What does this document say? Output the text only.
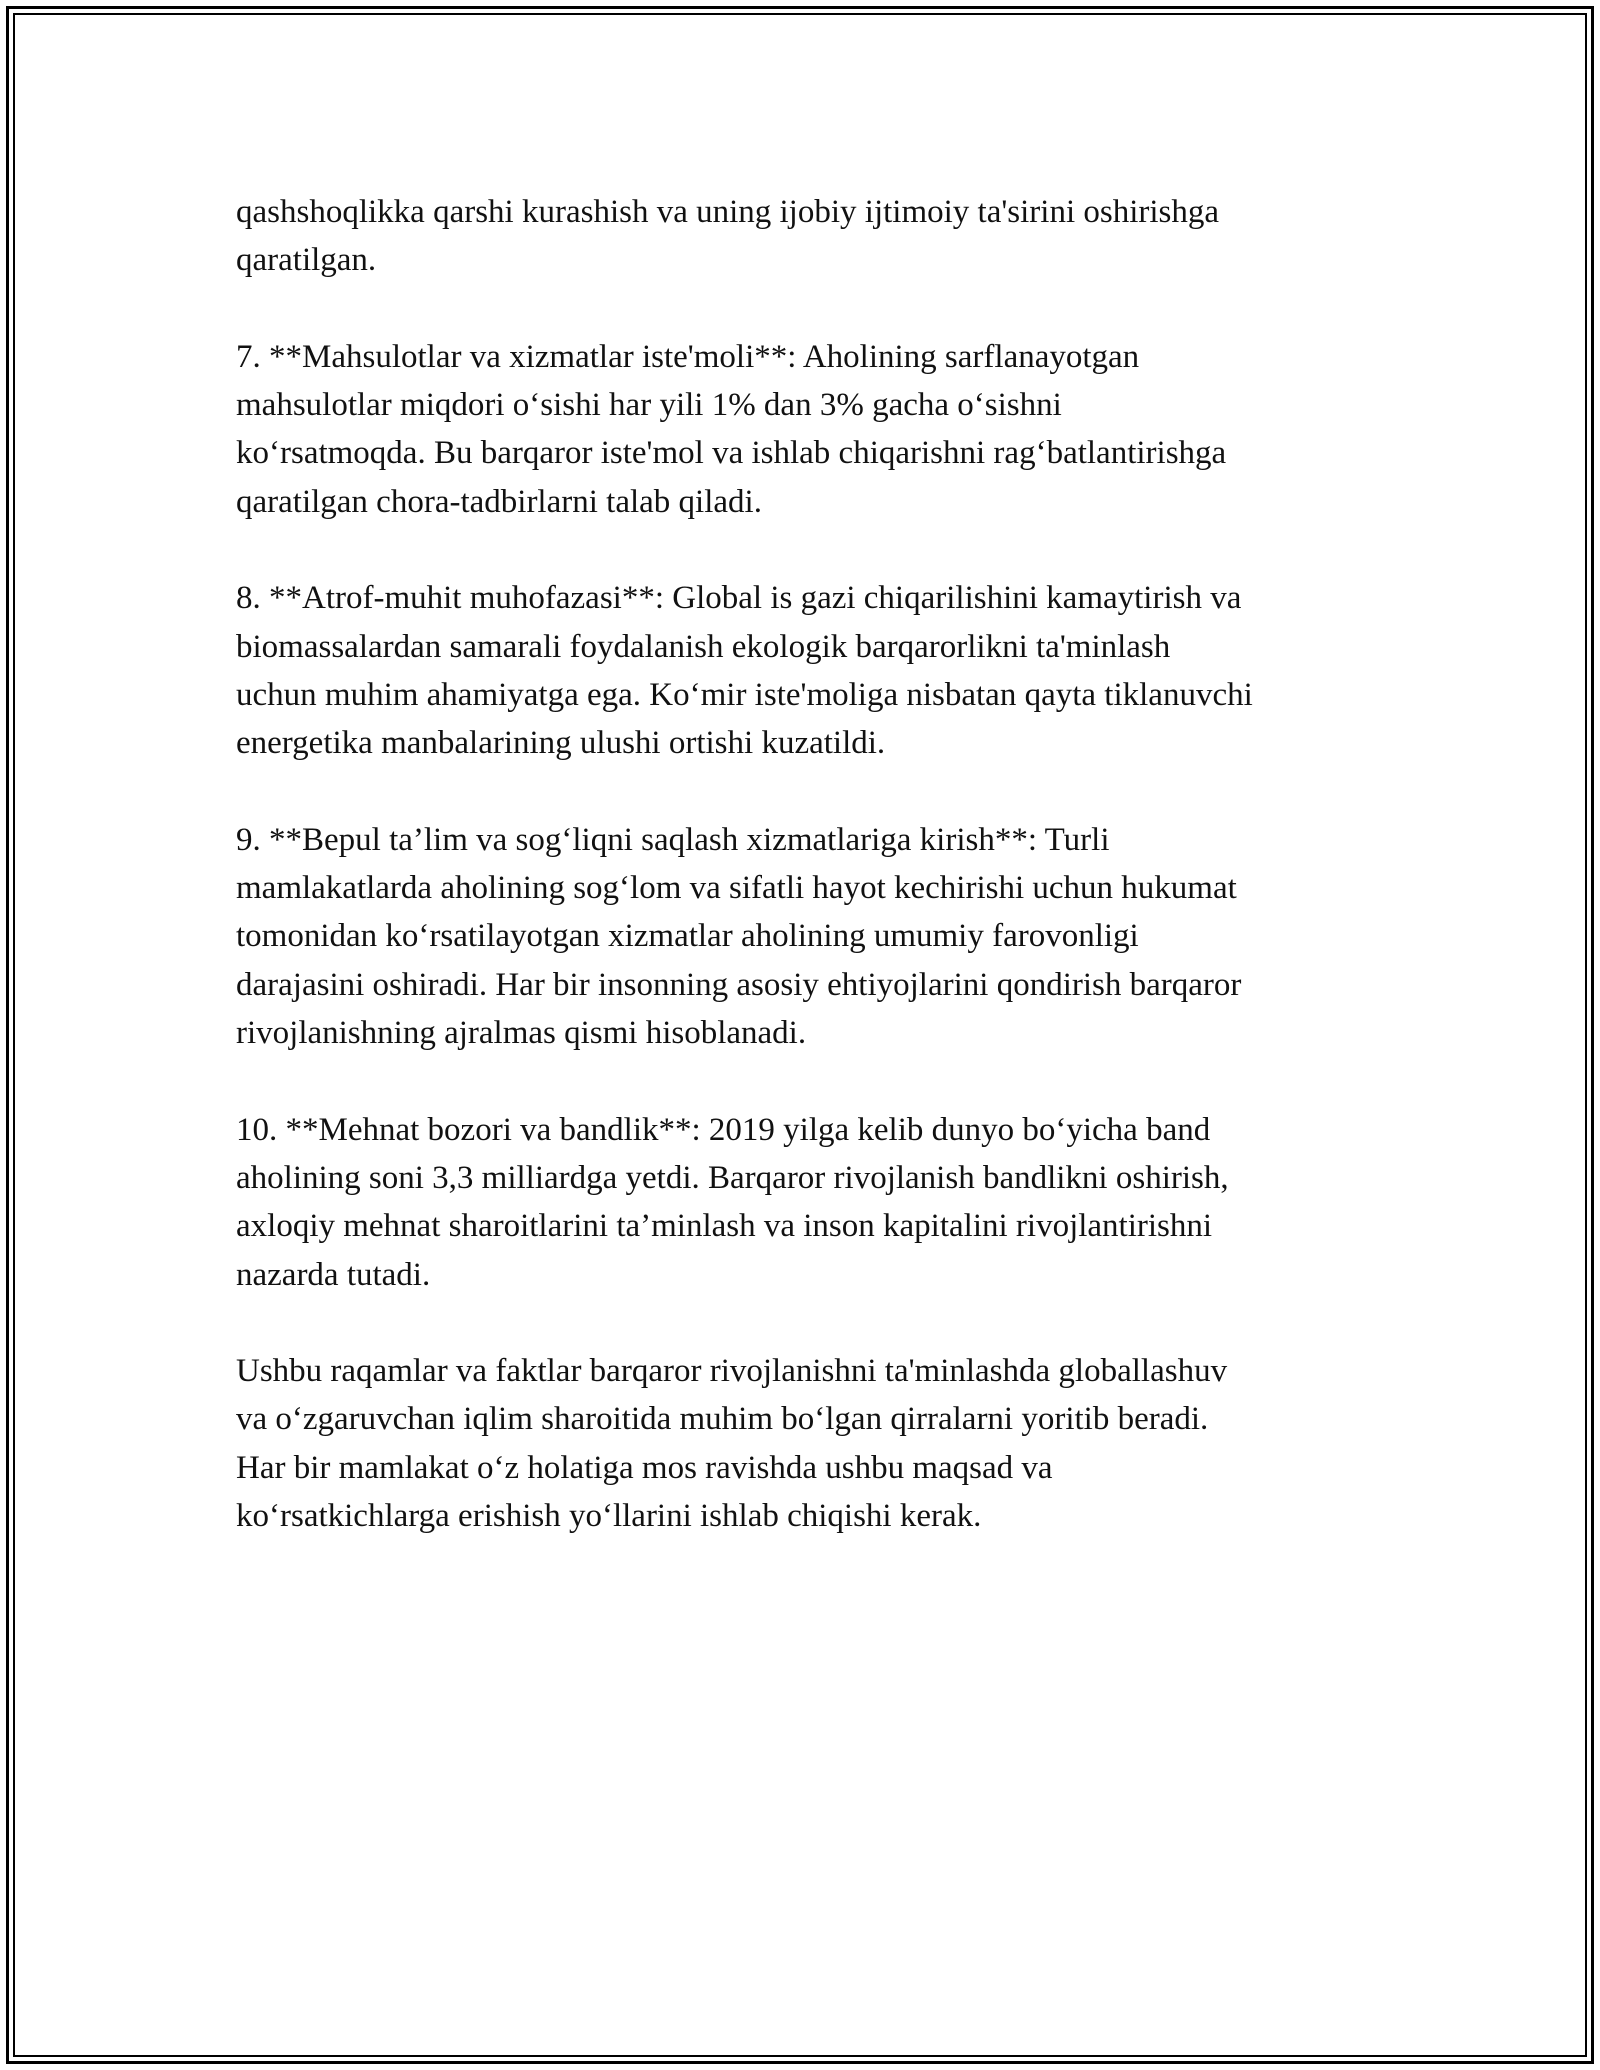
qashshoqlikka qarshi kurashish va uning ijobiy ijtimoiy ta'sirini oshirishga
qaratilgan.

7. **Mahsulotlar va xizmatlar iste'moli**: Aholining sarflanayotgan
mahsulotlar miqdori o‘sishi har yili 1% dan 3% gacha o‘sishni
ko‘rsatmoqda. Bu barqaror iste'mol va ishlab chiqarishni rag‘batlantirishga
qaratilgan chora-tadbirlarni talab qiladi.

8. **Atrof-muhit muhofazasi**: Global is gazi chiqarilishini kamaytirish va
biomassalardan samarali foydalanish ekologik barqarorlikni ta'minlash
uchun muhim ahamiyatga ega. Ko‘mir iste'moliga nisbatan qayta tiklanuvchi
energetika manbalarining ulushi ortishi kuzatildi.

9. **Bepul ta’lim va sog‘liqni saqlash xizmatlariga kirish**: Turli
mamlakatlarda aholining sog‘lom va sifatli hayot kechirishi uchun hukumat
tomonidan ko‘rsatilayotgan xizmatlar aholining umumiy farovonligi
darajasini oshiradi. Har bir insonning asosiy ehtiyojlarini qondirish barqaror
rivojlanishning ajralmas qismi hisoblanadi.

10. **Mehnat bozori va bandlik**: 2019 yilga kelib dunyo bo‘yicha band
aholining soni 3,3 milliardga yetdi. Barqaror rivojlanish bandlikni oshirish,
axloqiy mehnat sharoitlarini ta’minlash va inson kapitalini rivojlantirishni
nazarda tutadi.

Ushbu raqamlar va faktlar barqaror rivojlanishni ta'minlashda globallashuv
va o‘zgaruvchan iqlim sharoitida muhim bo‘lgan qirralarni yoritib beradi.
Har bir mamlakat o‘z holatiga mos ravishda ushbu maqsad va
ko‘rsatkichlarga erishish yo‘llarini ishlab chiqishi kerak.
